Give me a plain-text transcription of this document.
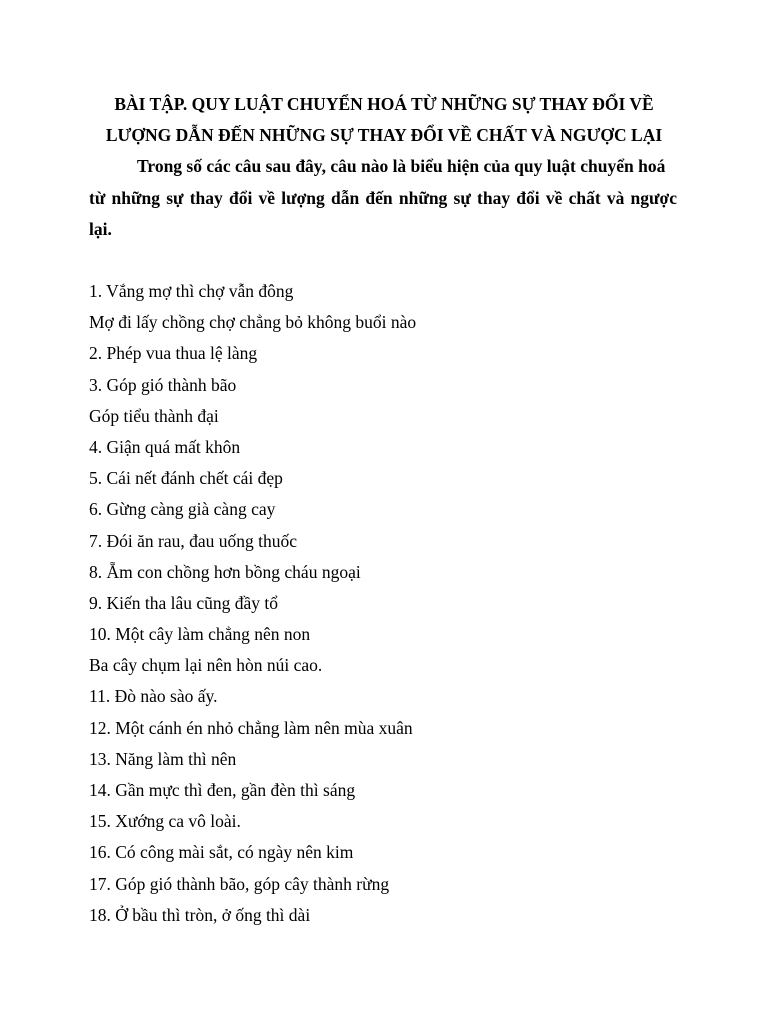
BÀI TẬP. QUY LUẬT CHUYỂN HOÁ TỪ NHỮNG SỰ THAY ĐỔI VỀ
LƯỢNG DẪN ĐẾN NHỮNG SỰ THAY ĐỔI VỀ CHẤT VÀ NGƯỢC LẠI
Trong số các câu sau đây, câu nào là biểu hiện của quy luật chuyển hoá
từ những sự thay đổi về lượng dẫn đến những sự thay đổi về chất và ngược
lại.
1. Vắng mợ thì chợ vẫn đông
Mợ đi lấy chồng chợ chẳng bỏ không buổi nào
2. Phép vua thua lệ làng
3. Góp gió thành bão
Góp tiểu thành đại
4. Giận quá mất khôn
5. Cái nết đánh chết cái đẹp
6. Gừng càng già càng cay
7. Đói ăn rau, đau uống thuốc
8. Ẵm con chồng hơn bồng cháu ngoại
9. Kiến tha lâu cũng đầy tổ
10. Một cây làm chẳng nên non
Ba cây chụm lại nên hòn núi cao.
11. Đò nào sào ấy.
12. Một cánh én nhỏ chẳng làm nên mùa xuân
13. Năng làm thì nên
14. Gần mực thì đen, gần đèn thì sáng
15. Xướng ca vô loài.
16. Có công mài sắt, có ngày nên kim
17. Góp gió thành bão, góp cây thành rừng
18. Ở bầu thì tròn, ở ống thì dài
